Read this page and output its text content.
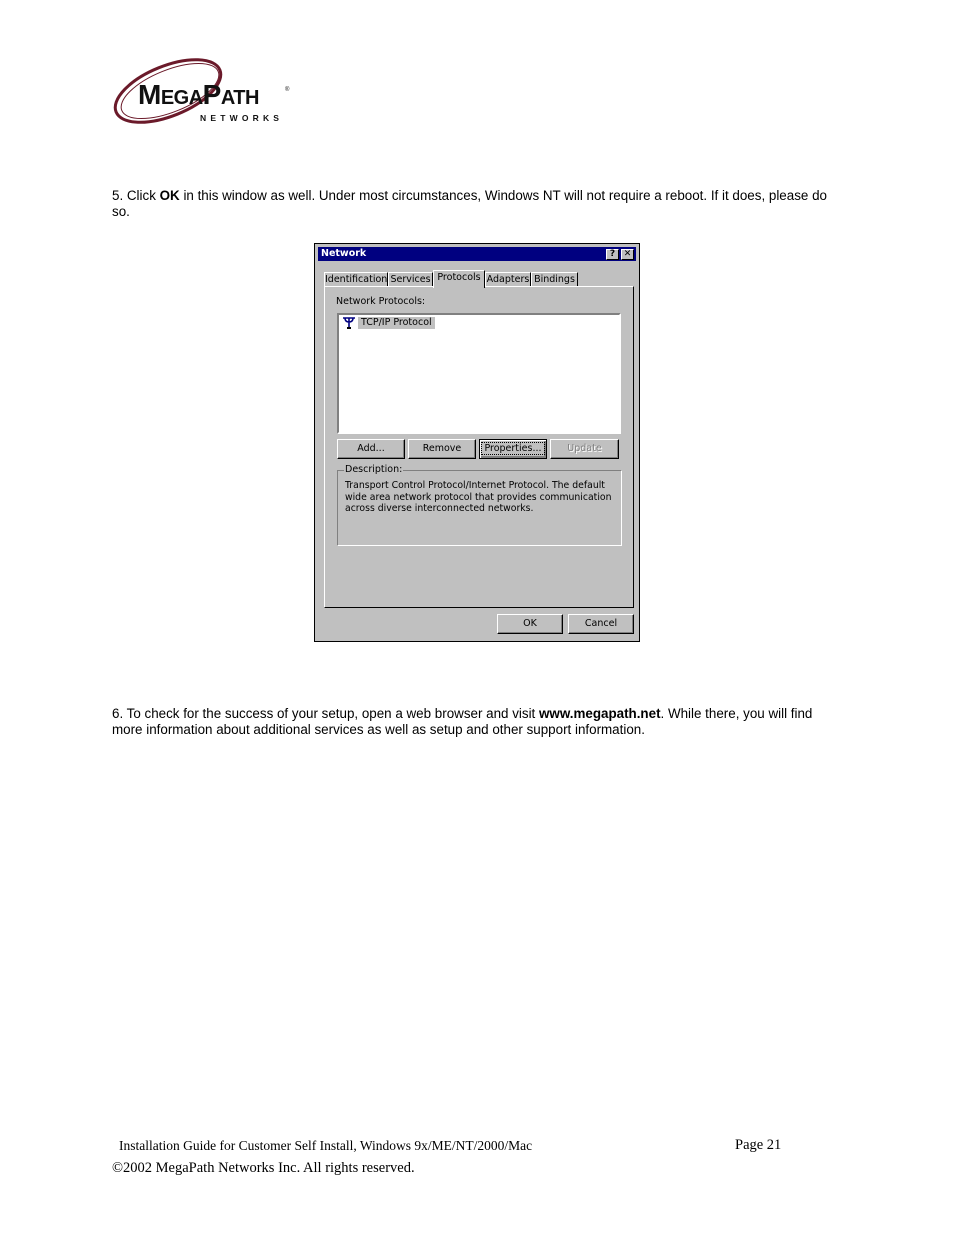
MegaPath	®
NETWORKS

5. Click OK in this window as well. Under most circumstances, Windows NT will not require a reboot. If it does, please do so.

Network	? ✕
Identification Services Protocols Adapters Bindings
Network Protocols:
TCP/IP Protocol
Add...	Remove	Properties...	Update
Description:

Transport Control Protocol/Internet Protocol. The default wide area network protocol that provides communication across diverse interconnected networks.

OK	Cancel

6. To check for the success of your setup, open a web browser and visit www.megapath.net. While there, you will find more information about additional services as well as setup and other support information.

Installation Guide for Customer Self Install, Windows 9x/ME/NT/2000/Mac	Page 21

©2002 MegaPath Networks Inc. All rights reserved.
